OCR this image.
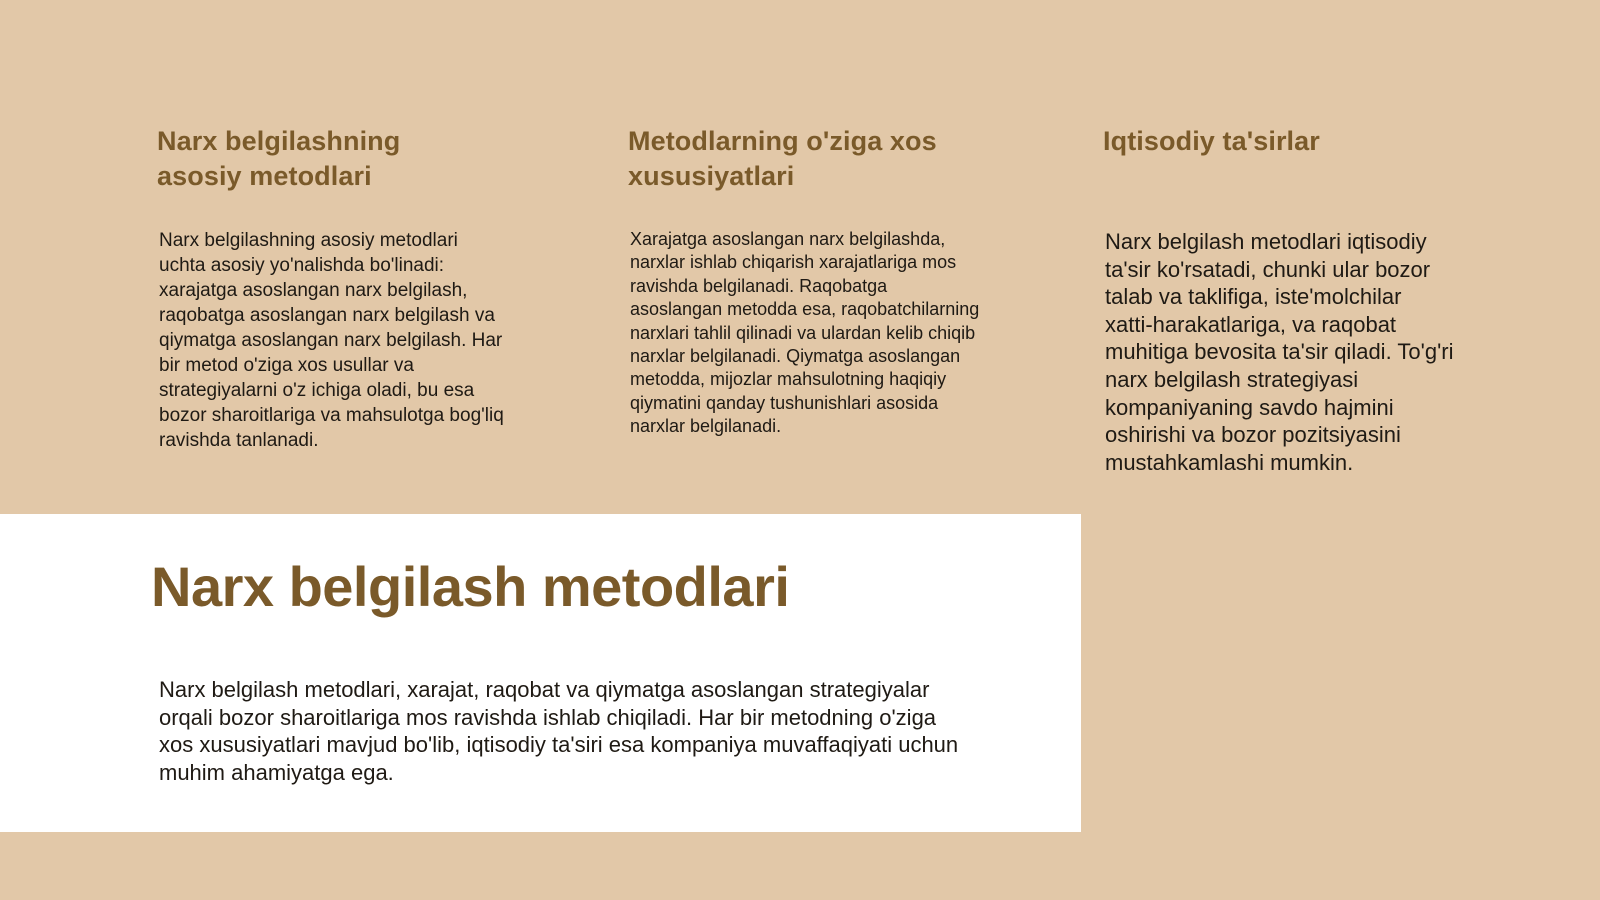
Narx belgilashning
asosiy metodlari

Narx belgilashning asosiy metodlari uchta asosiy yo'nalishda bo'linadi: xarajatga asoslangan narx belgilash, raqobatga asoslangan narx belgilash va qiymatga asoslangan narx belgilash. Har bir metod o'ziga xos usullar va strategiyalarni o'z ichiga oladi, bu esa bozor sharoitlariga va mahsulotga bog'liq ravishda tanlanadi.

Metodlarning o'ziga xos
xususiyatlari

Xarajatga asoslangan narx belgilashda, narxlar ishlab chiqarish xarajatlariga mos ravishda belgilanadi. Raqobatga asoslangan metodda esa, raqobatchilarning narxlari tahlil qilinadi va ulardan kelib chiqib narxlar belgilanadi. Qiymatga asoslangan metodda, mijozlar mahsulotning haqiqiy qiymatini qanday tushunishlari asosida narxlar belgilanadi.

Iqtisodiy ta'sirlar

Narx belgilash metodlari iqtisodiy ta'sir ko'rsatadi, chunki ular bozor talab va taklifiga, iste'molchilar xatti-harakatlariga, va raqobat muhitiga bevosita ta'sir qiladi. To'g'ri narx belgilash strategiyasi kompaniyaning savdo hajmini oshirishi va bozor pozitsiyasini mustahkamlashi mumkin.

Narx belgilash metodlari

Narx belgilash metodlari, xarajat, raqobat va qiymatga asoslangan strategiyalar orqali bozor sharoitlariga mos ravishda ishlab chiqiladi. Har bir metodning o'ziga xos xususiyatlari mavjud bo'lib, iqtisodiy ta'siri esa kompaniya muvaffaqiyati uchun muhim ahamiyatga ega.
